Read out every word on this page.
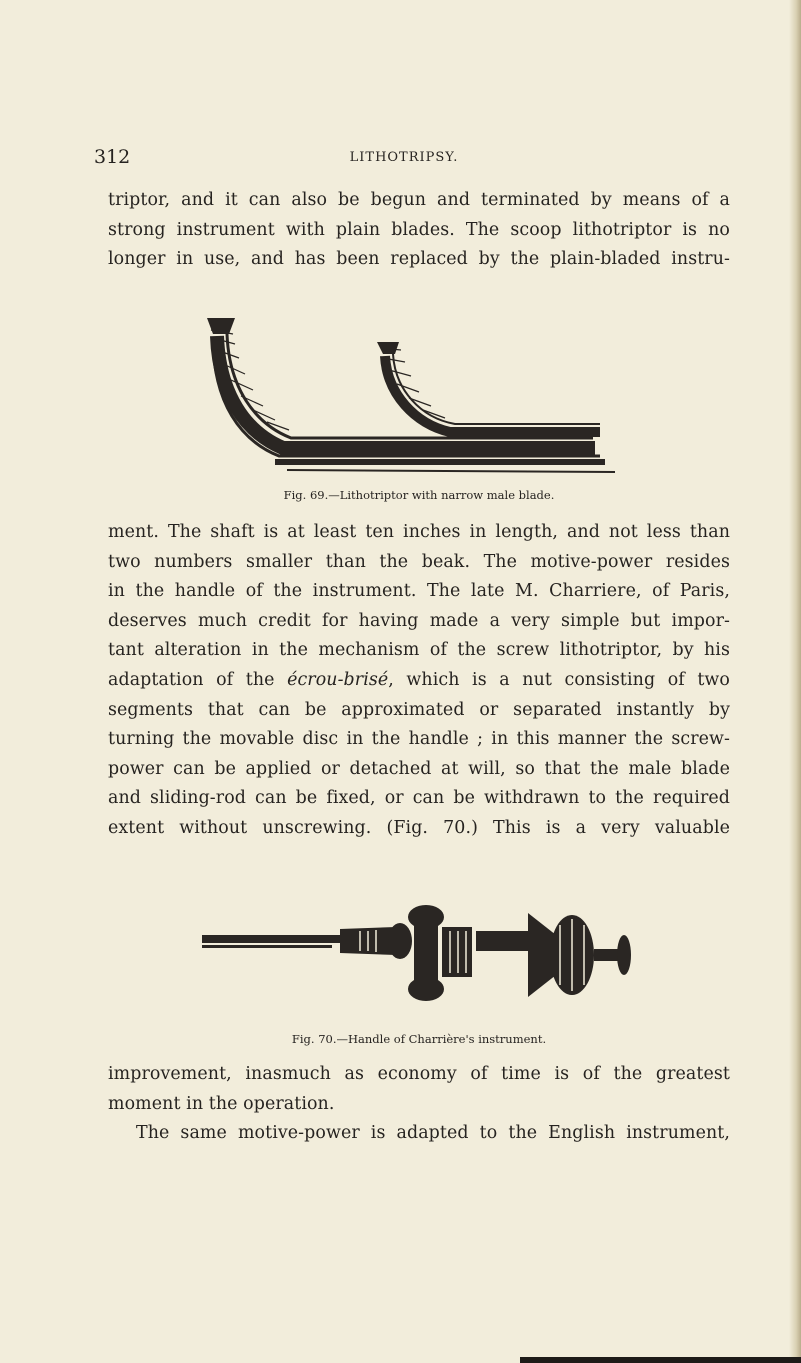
312	LITHOTRIPSY.
triptor, and it can also be begun and terminated by means of a
strong instrument with plain blades. The scoop lithotriptor is no
longer in use, and has been replaced by the plain-bladed instru-
Fig. 69.—Lithotriptor with narrow male blade.
ment. The shaft is at least ten inches in length, and not less than
two numbers smaller than the beak. The motive-power resides
in the handle of the instrument. The late M. Charriere, of Paris,
deserves much credit for having made a very simple but impor-
tant alteration in the mechanism of the screw lithotriptor, by his
adaptation of the écrou-brisé, which is a nut consisting of two
segments that can be approximated or separated instantly by
turning the movable disc in the handle ; in this manner the screw-
power can be applied or detached at will, so that the male blade
and sliding-rod can be fixed, or can be withdrawn to the required
extent without unscrewing. (Fig. 70.) This is a very valuable
Fig. 70.—Handle of Charrière's instrument.
improvement, inasmuch as economy of time is of the greatest
moment in the operation.
The same motive-power is adapted to the English instrument,
